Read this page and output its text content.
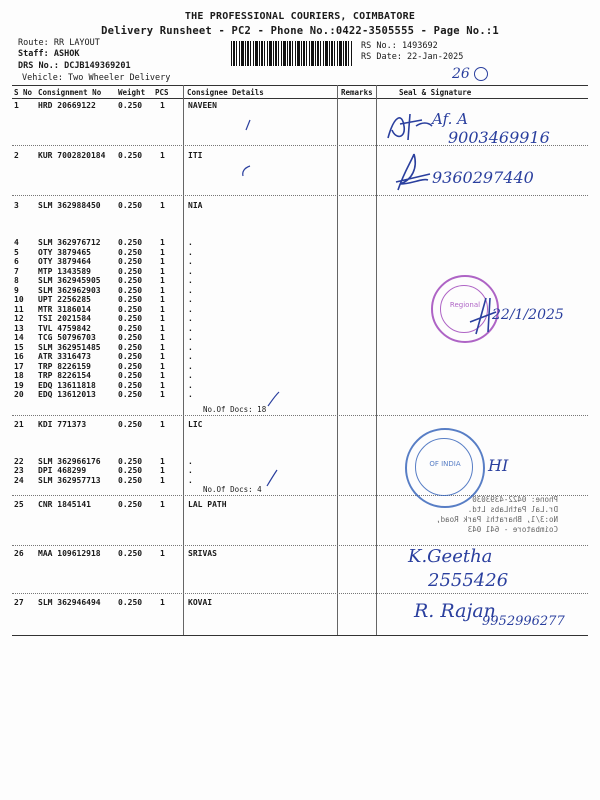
THE PROFESSIONAL COURIERS, COIMBATORE
Delivery Runsheet - PC2 - Phone No.:0422-3505555 - Page No.:1
Route: RR LAYOUT
Staff: ASHOK
DRS No.: DCJB149369201
Vehicle: Two Wheeler Delivery
RS No.: 1493692
RS Date: 22-Jan-2025
26
S No Consignment No Weight PCS Consignee Details	Remarks	Seal & Signature
1 HRD 20669122	0.250 1	NAVEEN
2 KUR 7002820184 0.250 1	ITI
3 SLM 362988450 0.250 1	NIA
4 SLM 362976712 0.250 1	.
5 OTY 3879465	0.250 1	.
6 OTY 3879464	0.250 1	.
7 MTP 1343589	0.250 1	.
8 SLM 362945905 0.250 1	.
9 SLM 362962903 0.250 1	.
10 UPT 2256285	0.250 1	.
11 MTR 3186014	0.250 1	.
12 TSI 2021584	0.250 1	.
13 TVL 4759842	0.250 1	.
14 TCG 50796703	0.250 1	.
15 SLM 362951485 0.250 1	.
16 ATR 3316473	0.250 1	.
17 TRP 8226159	0.250 1	.
18 TRP 8226154	0.250 1	.
19 EDQ 13611818	0.250 1	.
20 EDQ 13612013	0.250 1	.
21 KDI 771373	0.250 1	LIC
22 SLM 362966176 0.250 1	.
23 DPI 468299	0.250 1	.
24 SLM 362957713 0.250 1	.
25 CNR 1845141	0.250 1	LAL PATH
26 MAA 109612918 0.250 1	SRIVAS
27 SLM 362946494 0.250 1	KOVAI
No.Of Docs: 18
No.Of Docs: 4
Af. A
9003469916
9360297440
Regional
22/1/2025
OF INDIA	HI
Phone: 0422-4393030
Dr.Lal PathLabs Ltd.
No:3/1, Bharathi Park Road,
Coimbatore - 641 043
K.Geetha
2555426
R. Rajan
9952996277
